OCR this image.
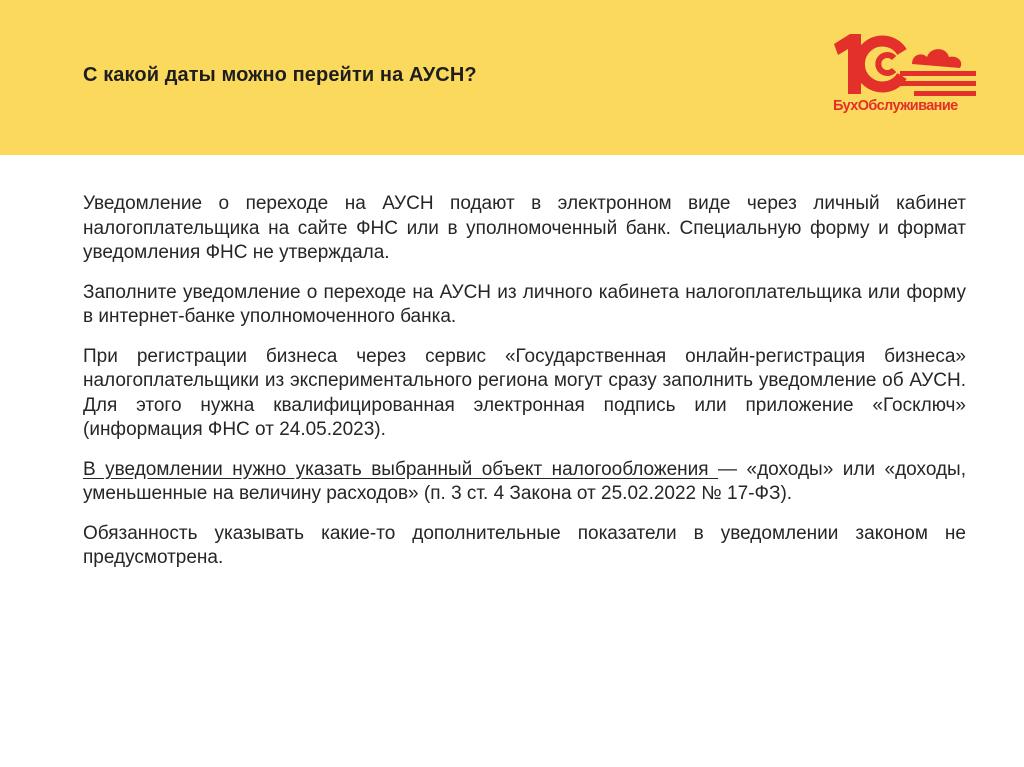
С какой даты можно перейти на АУСН?
БухОбслуживание

Уведомление о переходе на АУСН подают в электронном виде через личный кабинет налогоплательщика на сайте ФНС или в уполномоченный банк. Специальную форму и формат уведомления ФНС не утверждала.

Заполните уведомление о переходе на АУСН из личного кабинета налогоплательщика или форму в интернет-банке уполномоченного банка.

При регистрации бизнеса через сервис «Государственная онлайн-регистрация бизнеса» налогоплательщики из экспериментального региона могут сразу заполнить уведомление об АУСН. Для этого нужна квалифицированная электронная подпись или приложение «Госключ» (информация ФНС от 24.05.2023).

В уведомлении нужно указать выбранный объект налогообложения — «доходы» или «доходы, уменьшенные на величину расходов» (п. 3 ст. 4 Закона от 25.02.2022 № 17-ФЗ).

Обязанность указывать какие-то дополнительные показатели в уведомлении законом не предусмотрена.
